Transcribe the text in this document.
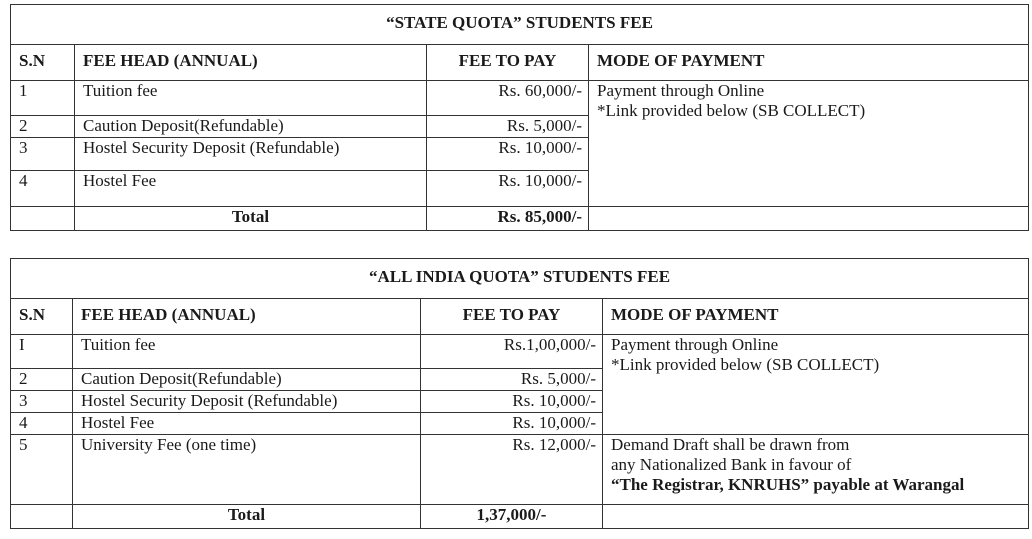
“STATE QUOTA” STUDENTS FEE			
S.N	FEE HEAD (ANNUAL)	FEE TO PAY	MODE OF PAYMENT
1	Tuition fee	Rs. 60,000/-	Payment through Online
*Link provided below (SB COLLECT)

2	Caution Deposit(Refundable)	Rs. 5,000/-	
3	Hostel Security Deposit (Refundable)	Rs. 10,000/-	
4	Hostel Fee	Rs. 10,000/-	
	Total	Rs. 85,000/-	
“ALL INDIA QUOTA” STUDENTS FEE			
S.N	FEE HEAD (ANNUAL)	FEE TO PAY	MODE OF PAYMENT
I	Tuition fee	Rs.1,00,000/-	Payment through Online
*Link provided below (SB COLLECT)

2	Caution Deposit(Refundable)	Rs. 5,000/-	
3	Hostel Security Deposit (Refundable)	Rs. 10,000/-	
4	Hostel Fee	Rs. 10,000/-	
5	University Fee (one time)	Rs. 12,000/-	Demand Draft shall be drawn from
any Nationalized Bank in favour of
“The Registrar, KNRUHS” payable at Warangal

	Total	1,37,000/-	
